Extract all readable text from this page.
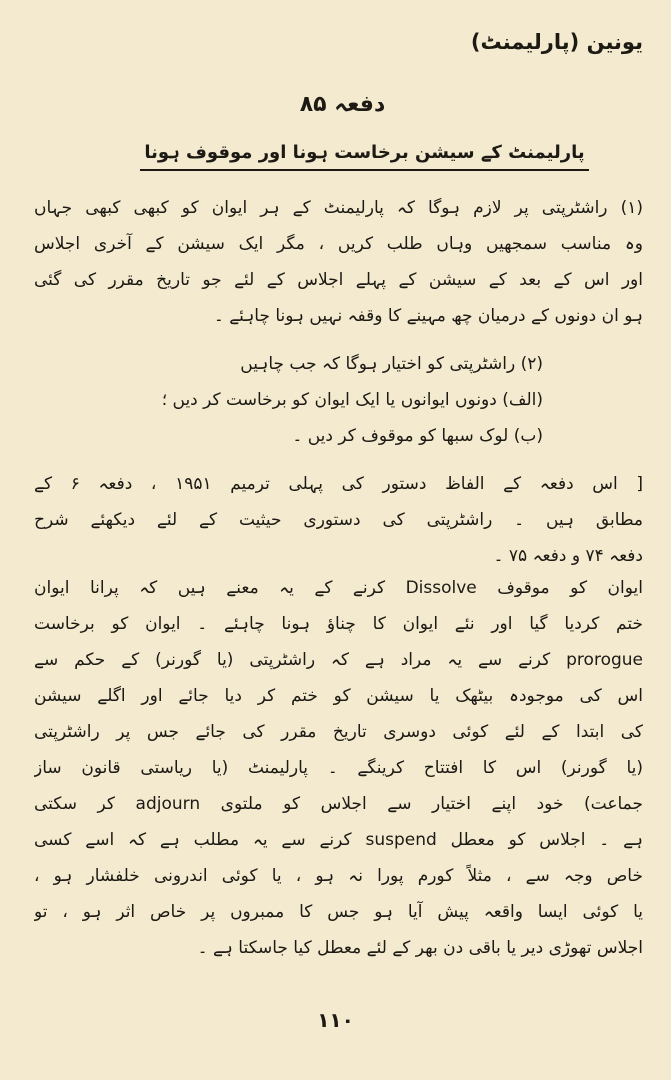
یونین (پارلیمنٹ)
دفعہ ۸۵
پارلیمنٹ کے سیشن برخاست ہونا اور موقوف ہونا
(۱) راشٹرپتی پر لازم ہوگا کہ پارلیمنٹ کے ہر ایوان کو کبھی کبھی جہاں
وہ مناسب سمجھیں وہاں طلب کریں ، مگر ایک سیشن کے آخری اجلاس
اور اس کے بعد کے سیشن کے پہلے اجلاس کے لئے جو تاریخ مقرر کی گئی
ہو ان دونوں کے درمیان چھ مہینے کا وقفہ نہیں ہونا چاہئے ۔
(۲) راشٹرپتی کو اختیار ہوگا کہ جب چاہیں
(الف) دونوں ایوانوں یا ایک ایوان کو برخاست کر دیں ؛
(ب) لوک سبھا کو موقوف کر دیں ۔
[ اس دفعہ کے الفاظ دستور کی پہلی ترمیم ۱۹۵۱ ، دفعہ ۶ کے
مطابق ہیں ۔ راشٹرپتی کی دستوری حیثیت کے لئے دیکھئے شرح
دفعہ ۷۴ و دفعہ ۷۵ ۔
ایوان کو موقوف Dissolve کرنے کے یہ معنے ہیں کہ پرانا ایوان
ختم کردیا گیا اور نئے ایوان کا چناؤ ہونا چاہئے ۔ ایوان کو برخاست
prorogue کرنے سے یہ مراد ہے کہ راشٹرپتی (یا گورنر) کے حکم سے
اس کی موجودہ بیٹھک یا سیشن کو ختم کر دیا جائے اور اگلے سیشن
کی ابتدا کے لئے کوئی دوسری تاریخ مقرر کی جائے جس پر راشٹرپتی
(یا گورنر) اس کا افتتاح کرینگے ۔ پارلیمنٹ (یا ریاستی قانون ساز
جماعت) خود اپنے اختیار سے اجلاس کو ملتوی adjourn کر سکتی
ہے ۔ اجلاس کو معطل suspend کرنے سے یہ مطلب ہے کہ اسے کسی
خاص وجہ سے ، مثلاً کورم پورا نہ ہو ، یا کوئی اندرونی خلفشار ہو ،
یا کوئی ایسا واقعہ پیش آیا ہو جس کا ممبروں پر خاص اثر ہو ، تو
اجلاس تھوڑی دیر یا باقی دن بھر کے لئے معطل کیا جاسکتا ہے ۔
۱۱۰
